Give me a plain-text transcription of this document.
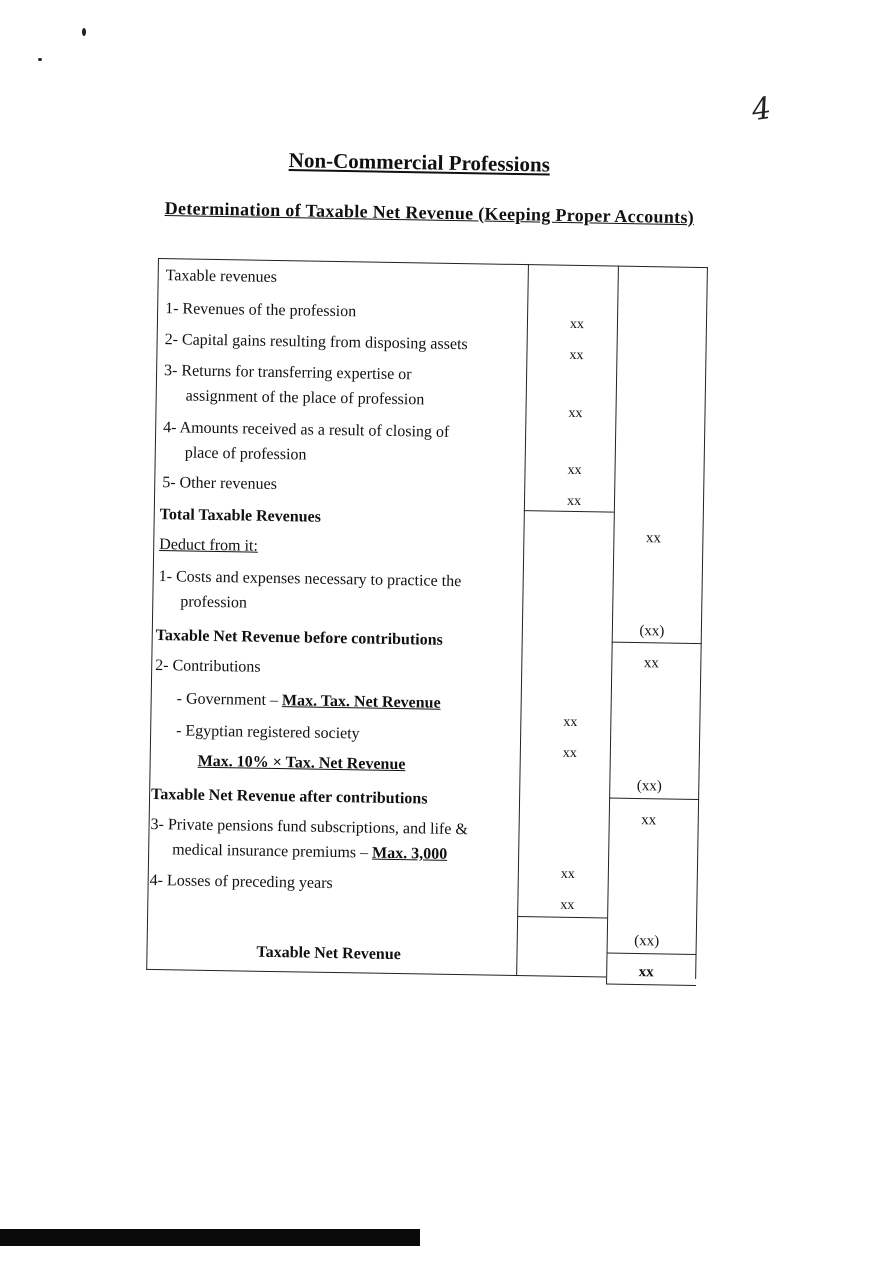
4
Non-Commercial Professions
Determination of Taxable Net Revenue (Keeping Proper Accounts)
Taxable revenues
1- Revenues of the profession
2- Capital gains resulting from disposing assets
3- Returns for transferring expertise or
assignment of the place of profession
4- Amounts received as a result of closing of
place of profession
5- Other revenues
Total Taxable Revenues
Deduct from it:
1- Costs and expenses necessary to practice the
profession
Taxable Net Revenue before contributions
2- Contributions
- Government – Max. Tax. Net Revenue
- Egyptian registered society
Max. 10% × Tax. Net Revenue
Taxable Net Revenue after contributions
3- Private pensions fund subscriptions, and life &
medical insurance premiums – Max. 3,000
4- Losses of preceding years
Taxable Net Revenue
xx
xx
xx
xx
xx
xx
xx
xx
xx
xx
(xx)
xx
(xx)
xx
(xx)
xx
